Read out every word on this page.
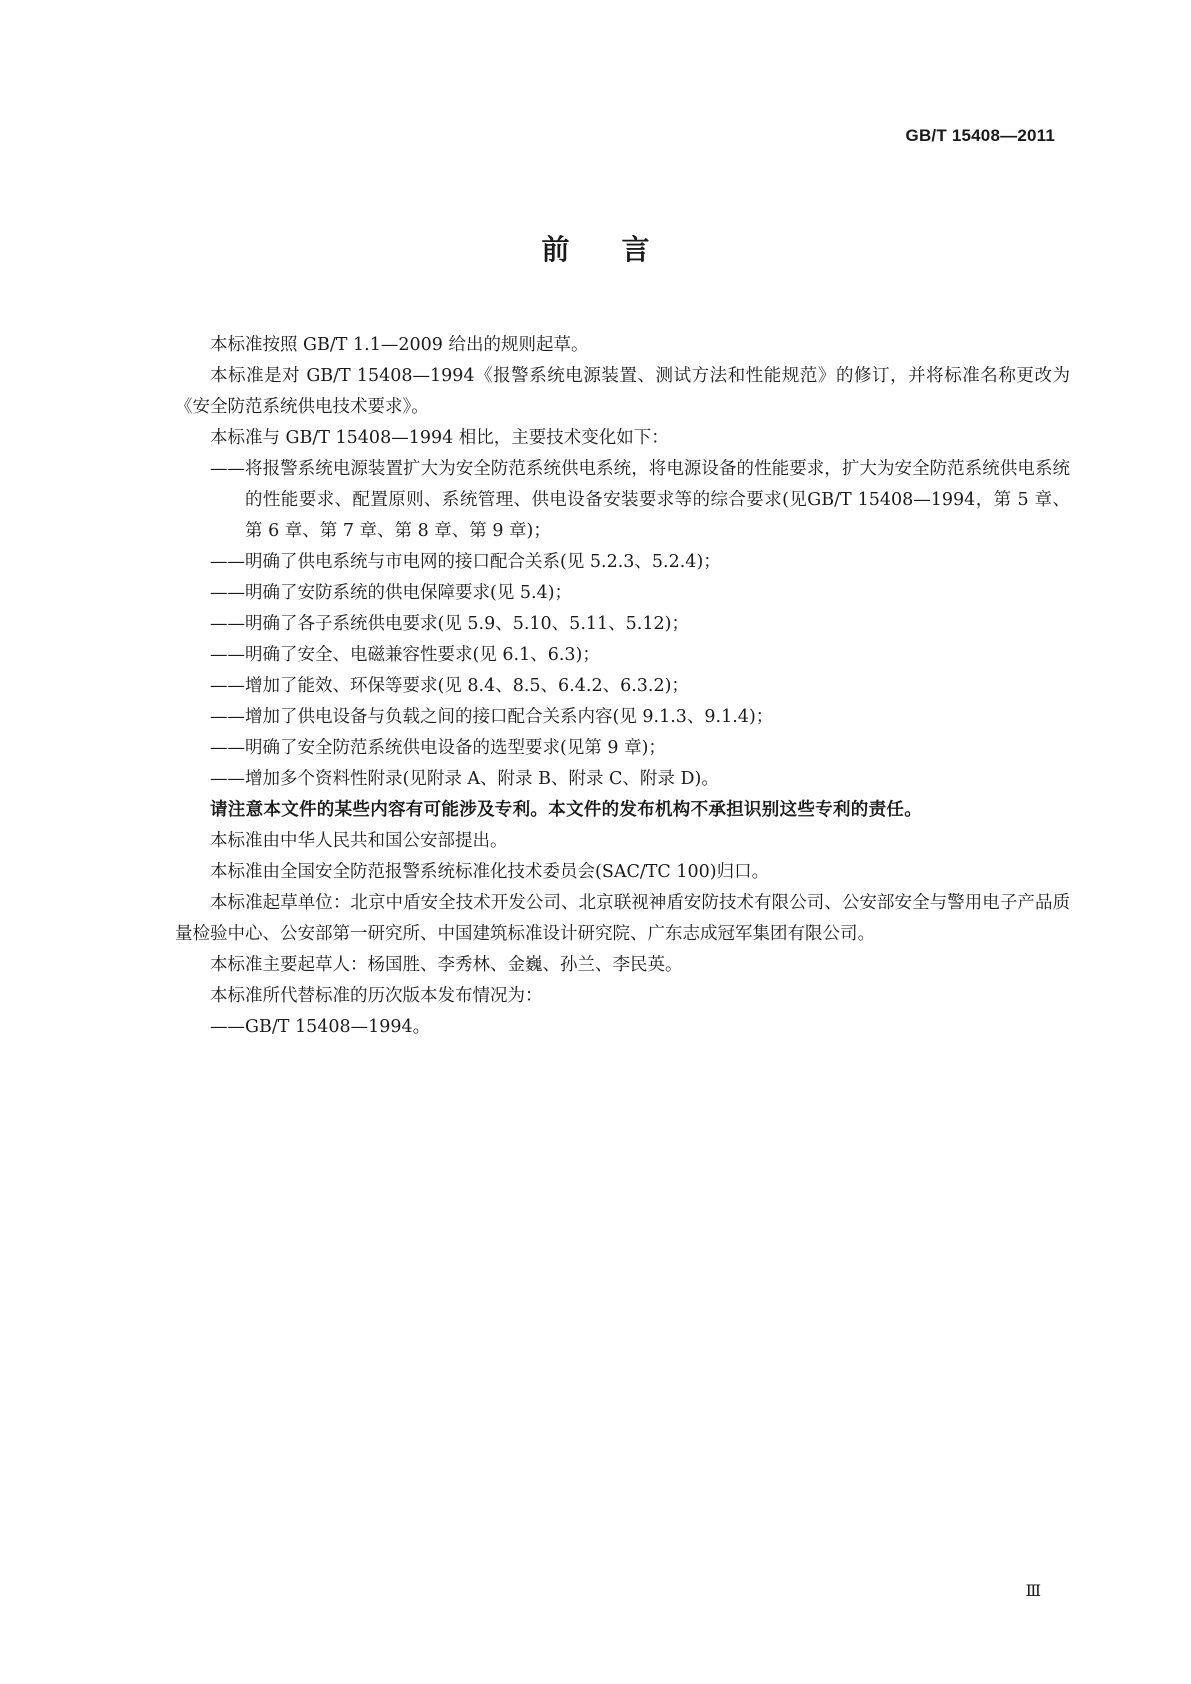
GB/T 15408—2011
前言

本标准按照 GB/T 1.1—2009 给出的规则起草。

本标准是对 GB/T 15408—1994《报警系统电源装置、测试方法和性能规范》的修订，并将标准名称更改为《安全防范系统供电技术要求》。

本标准与 GB/T 15408—1994 相比，主要技术变化如下：

——将报警系统电源装置扩大为安全防范系统供电系统，将电源设备的性能要求，扩大为安全防范系统供电系统的性能要求、配置原则、系统管理、供电设备安装要求等的综合要求(见GB/T 15408—1994，第 5 章、第 6 章、第 7 章、第 8 章、第 9 章)；

——明确了供电系统与市电网的接口配合关系(见 5.2.3、5.2.4)；

——明确了安防系统的供电保障要求(见 5.4)；

——明确了各子系统供电要求(见 5.9、5.10、5.11、5.12)；

——明确了安全、电磁兼容性要求(见 6.1、6.3)；

——增加了能效、环保等要求(见 8.4、8.5、6.4.2、6.3.2)；

——增加了供电设备与负载之间的接口配合关系内容(见 9.1.3、9.1.4)；

——明确了安全防范系统供电设备的选型要求(见第 9 章)；

——增加多个资料性附录(见附录 A、附录 B、附录 C、附录 D)。

请注意本文件的某些内容有可能涉及专利。本文件的发布机构不承担识别这些专利的责任。

本标准由中华人民共和国公安部提出。

本标准由全国安全防范报警系统标准化技术委员会(SAC/TC 100)归口。

本标准起草单位：北京中盾安全技术开发公司、北京联视神盾安防技术有限公司、公安部安全与警用电子产品质量检验中心、公安部第一研究所、中国建筑标准设计研究院、广东志成冠军集团有限公司。

本标准主要起草人：杨国胜、李秀林、金巍、孙兰、李民英。

本标准所代替标准的历次版本发布情况为：

——GB/T 15408—1994。

Ⅲ
